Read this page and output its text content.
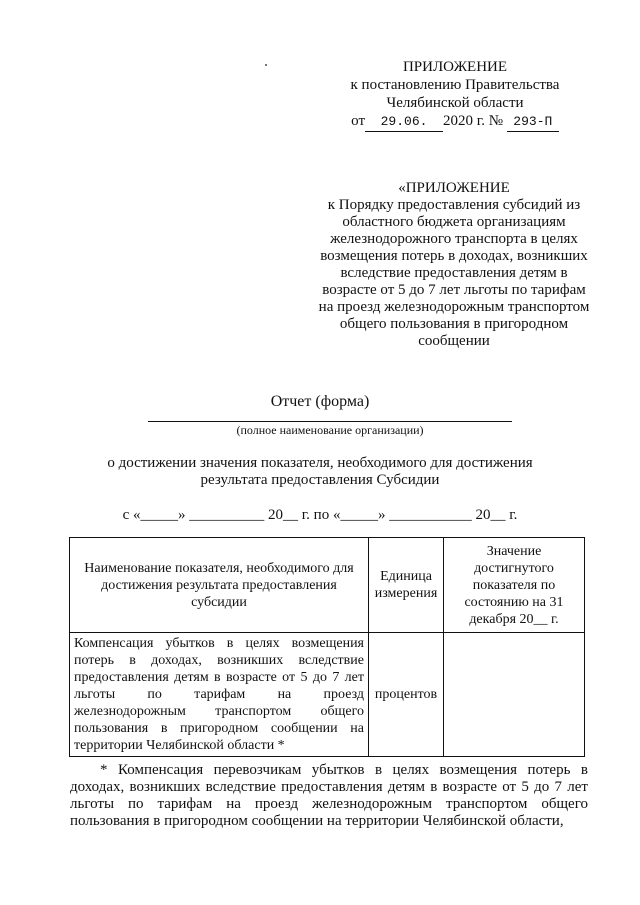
ПРИЛОЖЕНИЕ
к постановлению Правительства
Челябинской области
от 29.06. 2020 г. № 293-П
«ПРИЛОЖЕНИЕ
к Порядку предоставления субсидий из областного бюджета организациям железнодорожного транспорта в целях возмещения потерь в доходах, возникших вследствие предоставления детям в возрасте от 5 до 7 лет льготы по тарифам на проезд железнодорожным транспортом общего пользования в пригородном сообщении
Отчет (форма)
(полное наименование организации)
о достижении значения показателя, необходимого для достижения
результата предоставления Субсидии
с «_____» __________ 20__ г. по «_____» ___________ 20__ г.
Наименование показателя, необходимого для достижения результата предоставления субсидии	Единица измерения	Значение достигнутого показателя по состоянию на 31 декабря 20__ г.
Компенсация убытков в целях возмещения потерь в доходах, возникших вследствие предоставления детям в возрасте от 5 до 7 лет льготы по тарифам на проезд железнодорожным транспортом общего пользования в пригородном сообщении на территории Челябинской области *	процентов	
* Компенсация перевозчикам убытков в целях возмещения потерь в доходах, возникших вследствие предоставления детям в возрасте от 5 до 7 лет льготы по тарифам на проезд железнодорожным транспортом общего пользования в пригородном сообщении на территории Челябинской области,
